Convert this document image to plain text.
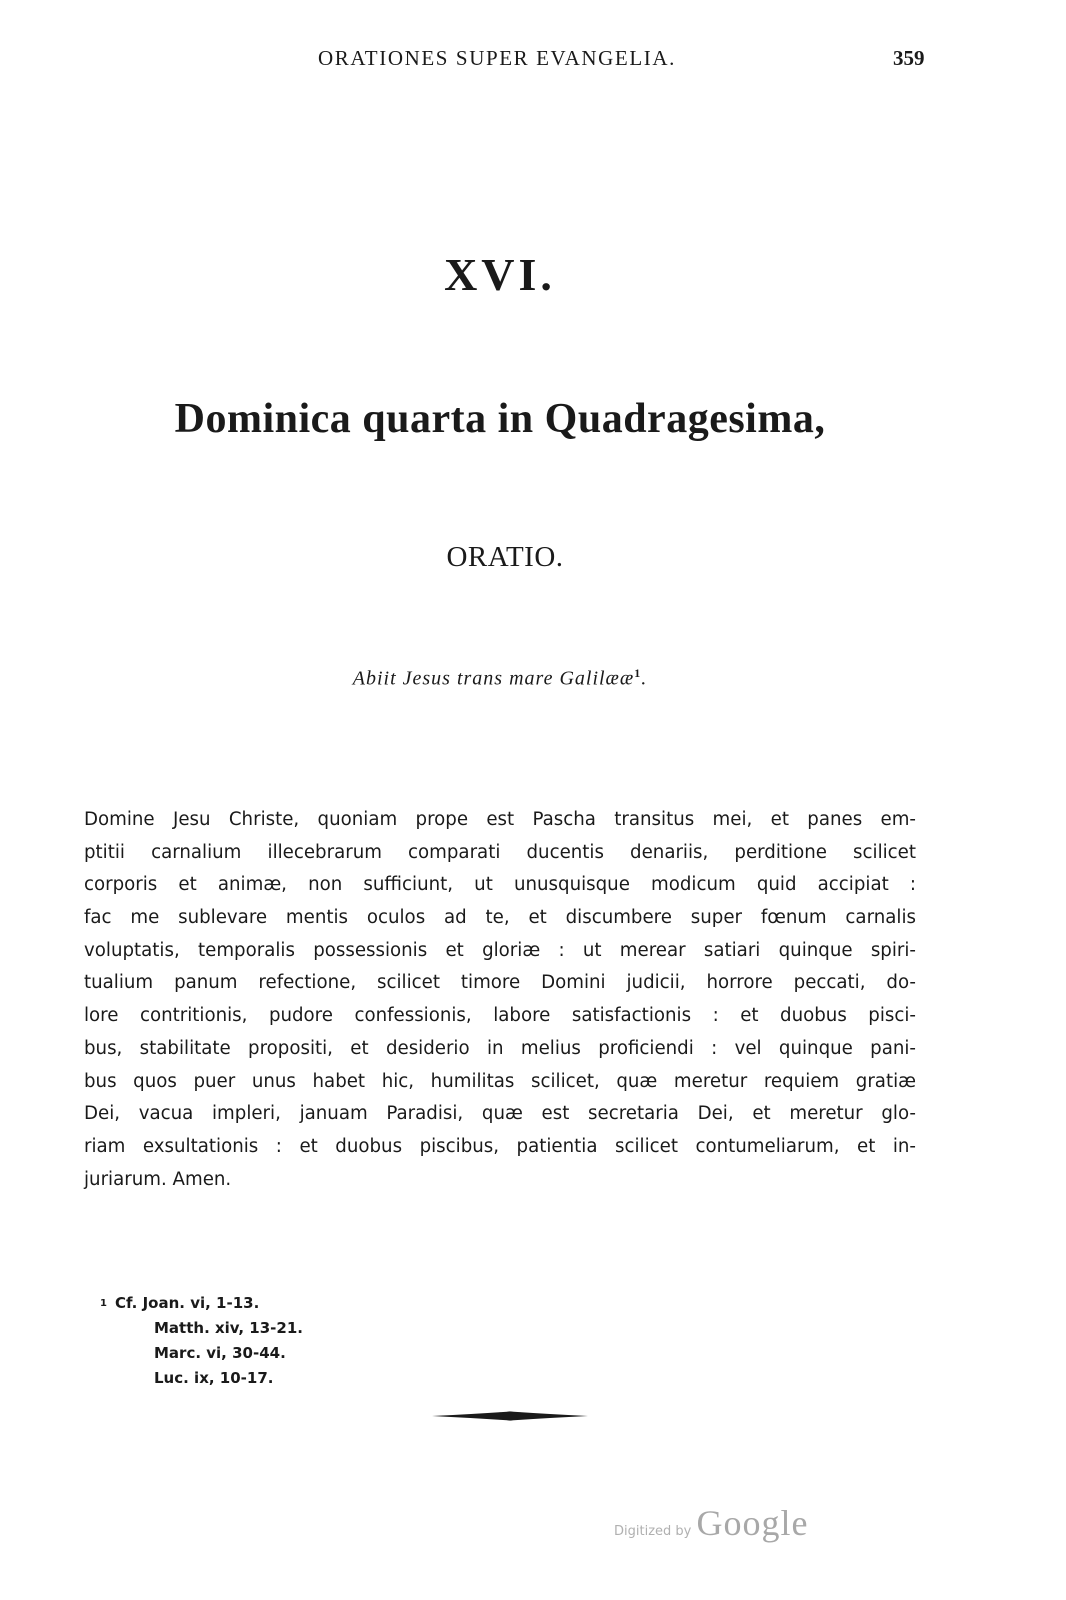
ORATIONES SUPER EVANGELIA.	359
XVI.
Dominica quarta in Quadragesima,
ORATIO.
Abiit Jesus trans mare Galilææ$^1$.
Domine Jesu Christe, quoniam prope est Pascha transitus mei, et panes em-
ptitii carnalium illecebrarum comparati ducentis denariis, perditione scilicet
corporis et animæ, non sufficiunt, ut unusquisque modicum quid accipiat :
fac me sublevare mentis oculos ad te, et discumbere super fœnum carnalis
voluptatis, temporalis possessionis et gloriæ : ut merear satiari quinque spiri-
tualium panum refectione, scilicet timore Domini judicii, horrore peccati, do-
lore contritionis, pudore confessionis, labore satisfactionis : et duobus pisci-
bus, stabilitate propositi, et desiderio in melius proficiendi : vel quinque pani-
bus quos puer unus habet hic, humilitas scilicet, quæ meretur requiem gratiæ
Dei, vacua impleri, januam Paradisi, quæ est secretaria Dei, et meretur glo-
riam exsultationis : et duobus piscibus, patientia scilicet contumeliarum, et in-
juriarum. Amen.
$^1$ Cf. Joan. vi, 1-13.
Matth. xiv, 13-21.
Marc. vi, 30-44.
Luc. ix, 10-17.
Digitized by Google
